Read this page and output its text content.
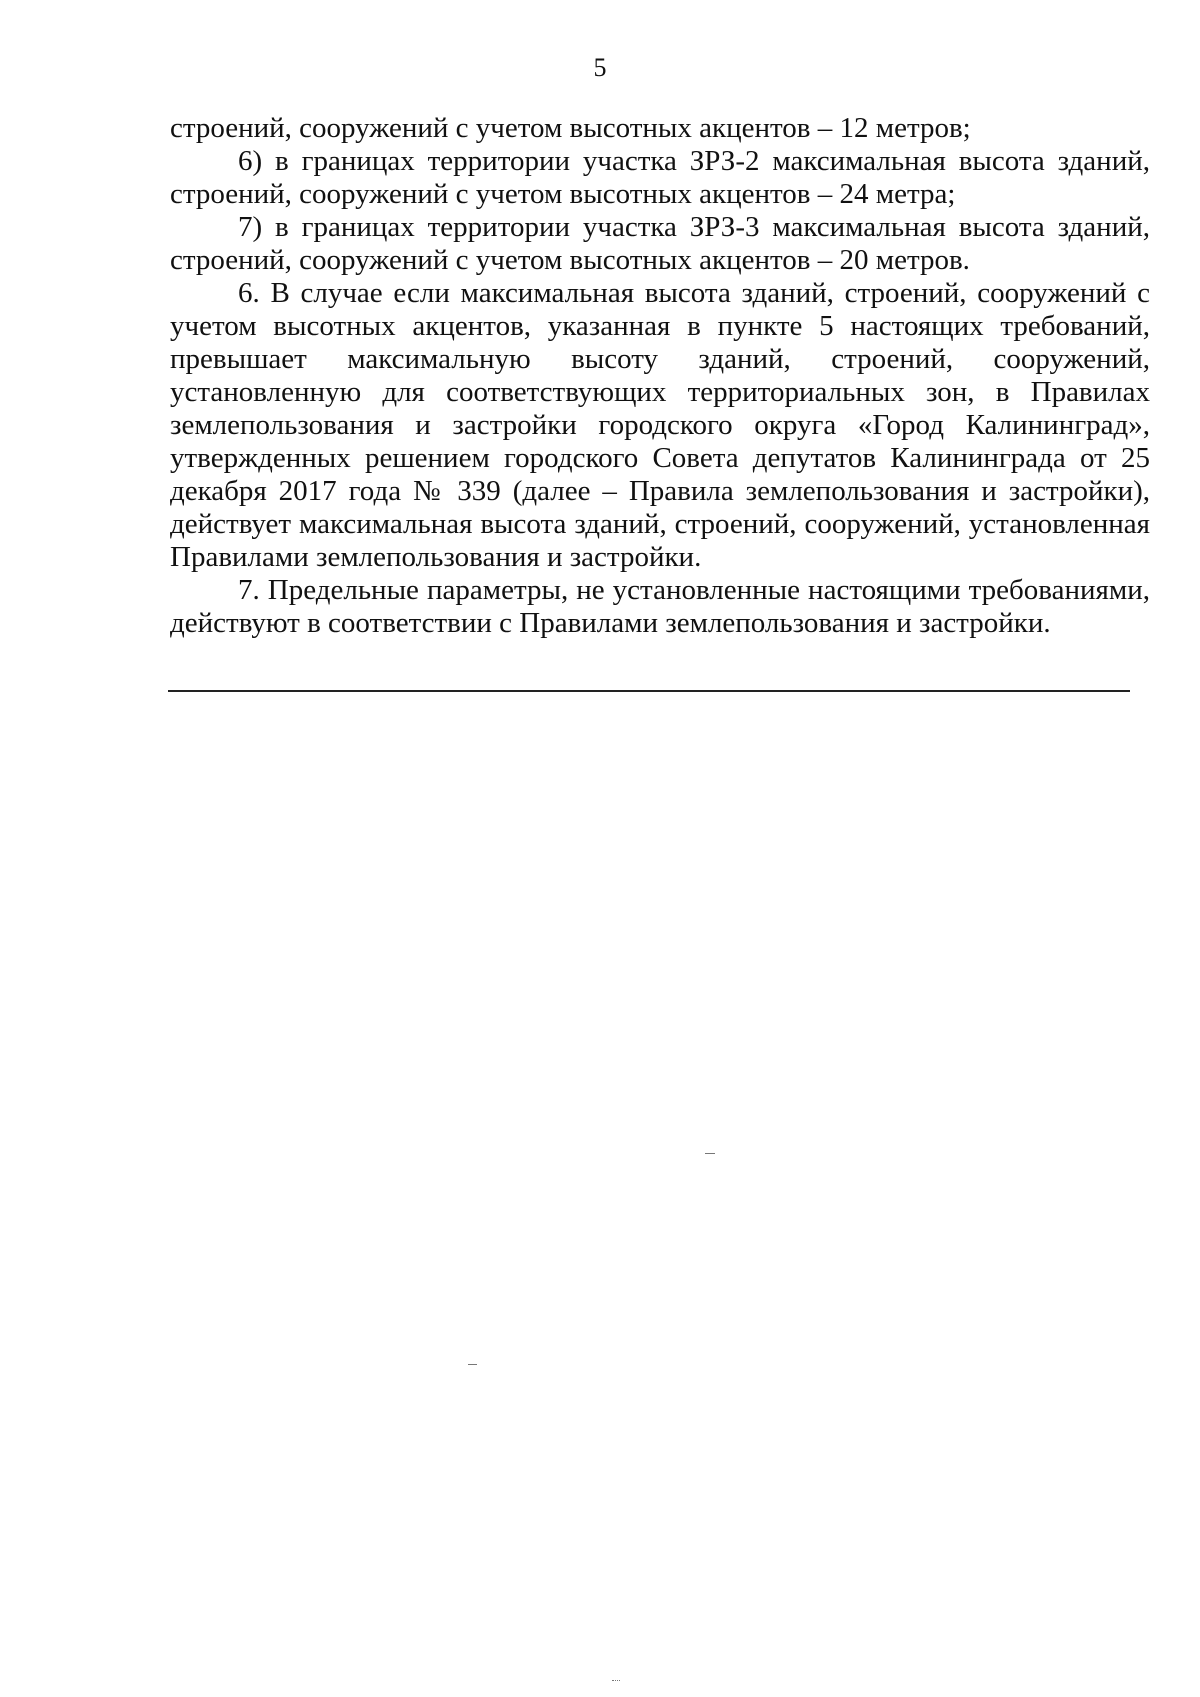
5

строений, сооружений с учетом высотных акцентов – 12 метров;

6) в границах территории участка ЗРЗ-2 максимальная высота зданий, строений, сооружений с учетом высотных акцентов – 24 метра;

7) в границах территории участка ЗРЗ-3 максимальная высота зданий, строений, сооружений с учетом высотных акцентов – 20 метров.

6. В случае если максимальная высота зданий, строений, сооружений с учетом высотных акцентов, указанная в пункте 5 настоящих требований, превышает максимальную высоту зданий, строений, сооружений, установленную для соответствующих территориальных зон, в Правилах землепользования и застройки городского округа «Город Калининград», утвержденных решением городского Совета депутатов Калининграда от 25 декабря 2017 года № 339 (далее – Правила землепользования и застройки), действует максимальная высота зданий, строений, сооружений, установленная Правилами землепользования и застройки.

7. Предельные параметры, не установленные настоящими требованиями, действуют в соответствии с Правилами землепользования и застройки.
